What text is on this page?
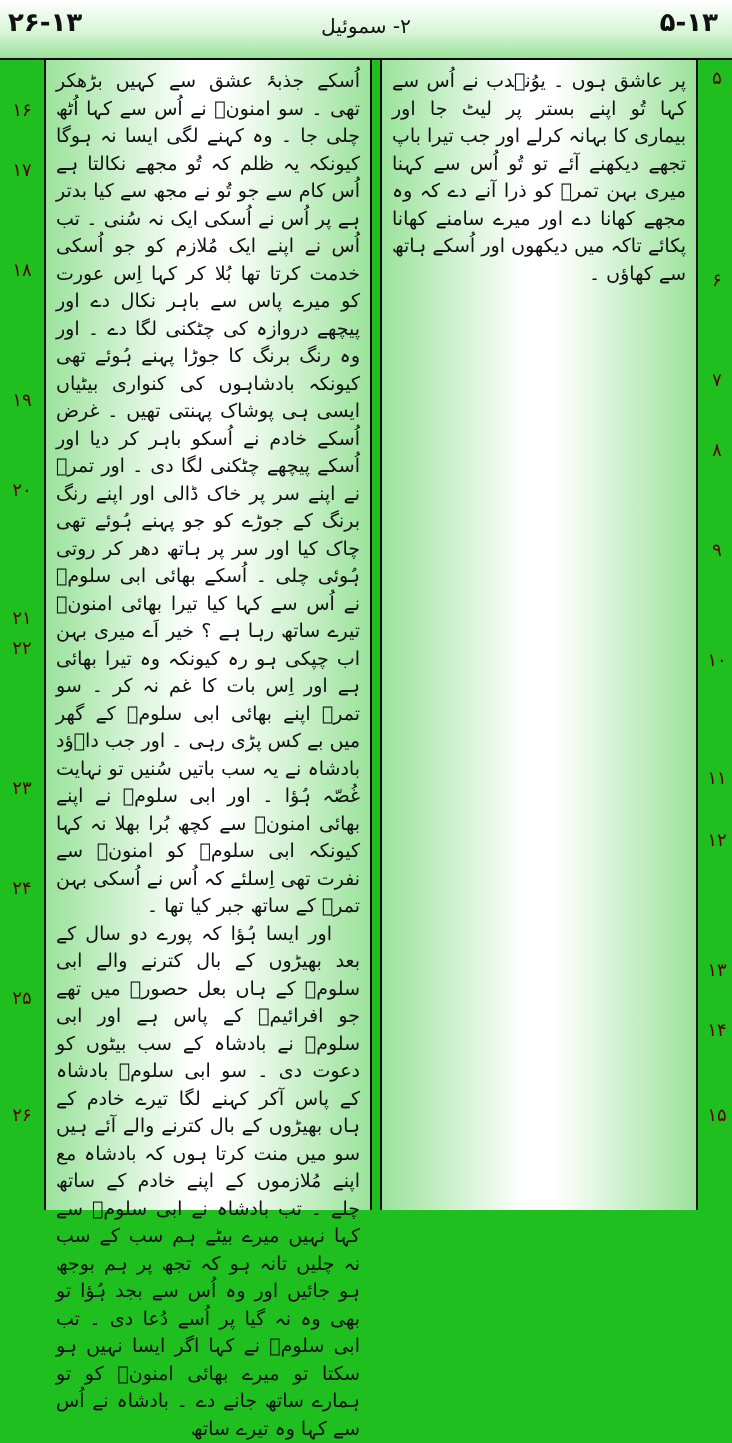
۲۶-۱۳	۲- سموئیل	۵-۱۳
۱۶
۱۷
۱۸
۱۹
۲۰
۲۱
۲۲
۲۳
۲۴
۲۵
۲۶

اُسکے جذبۂ عشق سے کہیں بڑھکر تھی ۔ سو امنونؔ نے اُس سے کہا اُٹھ چلی جا ۔ وہ کہنے لگی ایسا نہ ہوگا کیونکہ یہ ظلم کہ تُو مجھے نکالتا ہے اُس کام سے جو تُو نے مجھ سے کیا بدتر ہے پر اُس نے اُسکی ایک نہ سُنی ۔ تب اُس نے اپنے ایک مُلازم کو جو اُسکی خدمت کرتا تھا بُلا کر کہا اِس عورت کو میرے پاس سے باہر نکال دے اور پیچھے دروازہ کی چٹکنی لگا دے ۔ اور وہ رنگ برنگ کا جوڑا پہنے ہُوئے تھی کیونکہ بادشاہوں کی کنواری بیٹیاں ایسی ہی پوشاک پہنتی تھیں ۔ غرض اُسکے خادم نے اُسکو باہر کر دیا اور اُسکے پیچھے چٹکنی لگا دی ۔ اور تمرؔ نے اپنے سر پر خاک ڈالی اور اپنے رنگ برنگ کے جوڑے کو جو پہنے ہُوئے تھی چاک کیا اور سر پر ہاتھ دھر کر روتی ہُوئی چلی ۔ اُسکے بھائی ابی سلومؔ نے اُس سے کہا کیا تیرا بھائی امنونؔ تیرے ساتھ رہا ہے ؟ خیر اَے میری بہن اب چپکی ہو رہ کیونکہ وہ تیرا بھائی ہے اور اِس بات کا غم نہ کر ۔ سو تمرؔ اپنے بھائی ابی سلومؔ کے گھر میں بے کس پڑی رہی ۔ اور جب داؔؤد بادشاہ نے یہ سب باتیں سُنیں تو نہایت غُصّہ ہُؤا ۔ اور ابی سلومؔ نے اپنے بھائی امنونؔ سے کچھ بُرا بھلا نہ کہا کیونکہ ابی سلومؔ کو امنونؔ سے نفرت تھی اِسلئے کہ اُس نے اُسکی بہن تمرؔ کے ساتھ جبر کیا تھا ۔

اور ایسا ہُؤا کہ پورے دو سال کے بعد بھیڑوں کے بال کترنے والے ابی سلومؔ کے ہاں بعل حصورؔ میں تھے جو افرائیمؔ کے پاس ہے اور ابی سلومؔ نے بادشاہ کے سب بیٹوں کو دعوت دی ۔ سو ابی سلومؔ بادشاہ کے پاس آکر کہنے لگا تیرے خادم کے ہاں بھیڑوں کے بال کترنے والے آئے ہیں سو میں منت کرتا ہوں کہ بادشاہ مع اپنے مُلازموں کے اپنے خادم کے ساتھ چلے ۔ تب بادشاہ نے ابی سلومؔ سے کہا نہیں میرے بیٹے ہم سب کے سب نہ چلیں تانہ ہو کہ تجھ پر ہم بوجھ ہو جائیں اور وہ اُس سے بجد ہُؤا تو بھی وہ نہ گیا پر اُسے دُعا دی ۔ تب ابی سلومؔ نے کہا اگر ایسا نہیں ہو سکتا تو میرے بھائی امنونؔ کو تو ہمارے ساتھ جانے دے ۔ بادشاہ نے اُس سے کہا وہ تیرے ساتھ

پر عاشق ہوں ۔ یوُنؔدب نے اُس سے کہا تُو اپنے بستر پر لیٹ جا اور بیماری کا بہانہ کرلے اور جب تیرا باپ تجھے دیکھنے آئے تو تُو اُس سے کہنا میری بہن تمرؔ کو ذرا آنے دے کہ وہ مجھے کھانا دے اور میرے سامنے کھانا پکائے تاکہ میں دیکھوں اور اُسکے ہاتھ سے کھاؤں ۔

۵
۶
۷
۸
۹
۱۰
۱۱
۱۲
۱۳
۱۴
۱۵
